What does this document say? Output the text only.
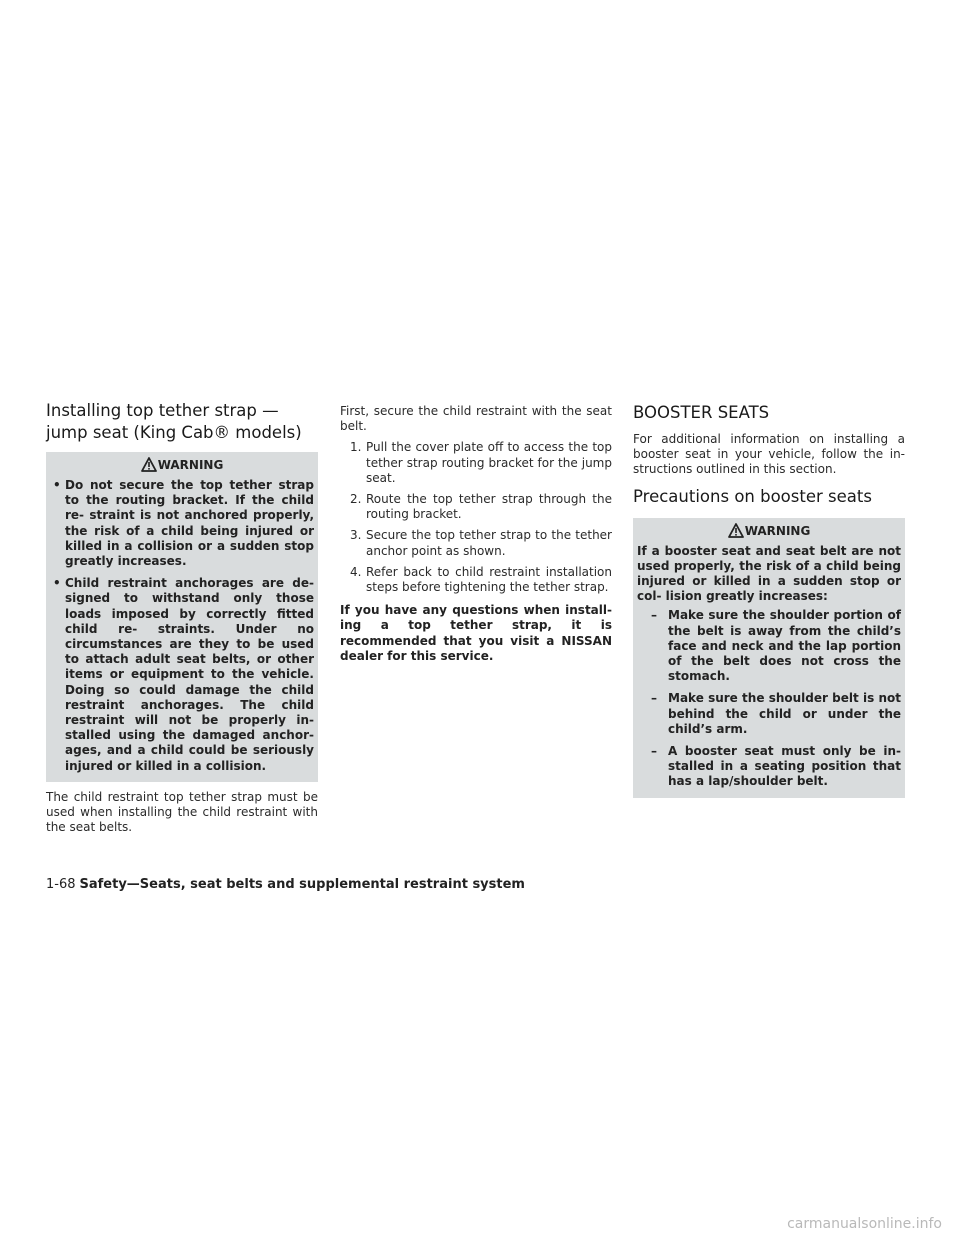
Installing top tether strap — jump seat (King Cab® models)
WARNING
• Do not secure the top tether strap to the routing bracket. If the child re- straint is not anchored properly, the risk of a child being injured or killed in a collision or a sudden stop greatly increases.
• Child restraint anchorages are de- signed to withstand only those loads imposed by correctly fitted child re- straints. Under no circumstances are they to be used to attach adult seat belts, or other items or equipment to the vehicle. Doing so could damage the child restraint anchorages. The child restraint will not be properly in- stalled using the damaged anchor- ages, and a child could be seriously injured or killed in a collision.

The child restraint top tether strap must be used when installing the child restraint with the seat belts.

First, secure the child restraint with the seat belt.

1. Pull the cover plate off to access the top tether strap routing bracket for the jump seat.
2. Route the top tether strap through the routing bracket.
3. Secure the top tether strap to the tether anchor point as shown.
4. Refer back to child restraint installation steps before tightening the tether strap.

If you have any questions when install- ing a top tether strap, it is recommended that you visit a NISSAN dealer for this service.

BOOSTER SEATS

For additional information on installing a booster seat in your vehicle, follow the in- structions outlined in this section.

Precautions on booster seats
WARNING

If a booster seat and seat belt are not used properly, the risk of a child being injured or killed in a sudden stop or col- lision greatly increases:

– Make sure the shoulder portion of the belt is away from the child’s face and neck and the lap portion of the belt does not cross the stomach.
– Make sure the shoulder belt is not behind the child or under the child’s arm.
– A booster seat must only be in- stalled in a seating position that has a lap/shoulder belt.
1-68 Safety—Seats, seat belts and supplemental restraint system
carmanualsonline.info
